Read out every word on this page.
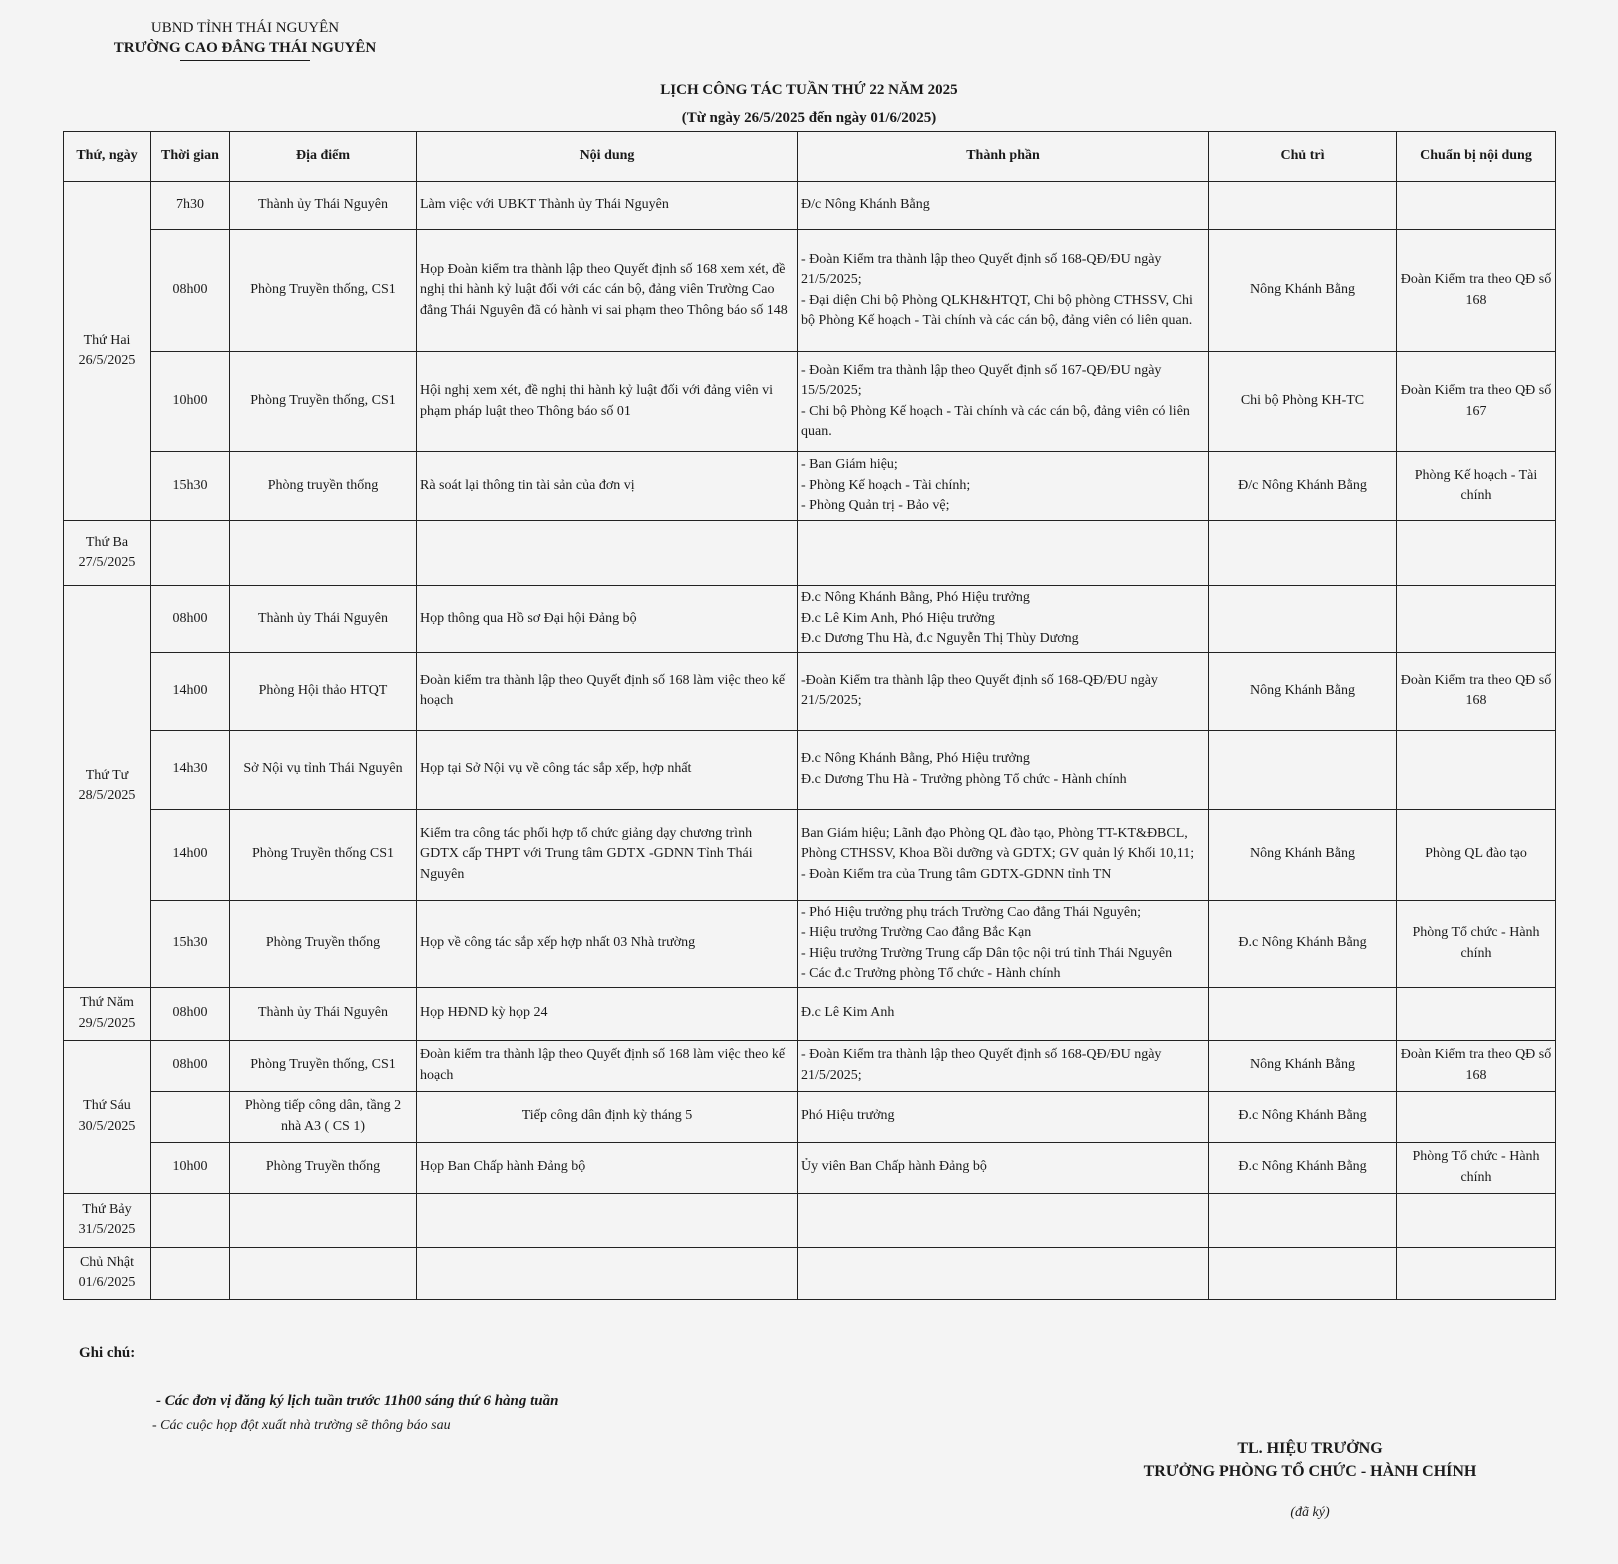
UBND TỈNH THÁI NGUYÊN
TRƯỜNG CAO ĐẲNG THÁI NGUYÊN
LỊCH CÔNG TÁC TUẦN THỨ 22 NĂM 2025
(Từ ngày 26/5/2025 đến ngày 01/6/2025)
Thứ, ngày	Thời gian	Địa điểm	Nội dung	Thành phần	Chủ trì	Chuẩn bị nội dung
Thứ Hai
26/5/2025	7h30	Thành ủy Thái Nguyên	Làm việc với UBKT Thành ủy Thái Nguyên	Đ/c Nông Khánh Bằng		
	08h00	Phòng Truyền thống, CS1	Họp Đoàn kiểm tra thành lập theo Quyết định số 168 xem xét, đề nghị thi hành kỷ luật đối với các cán bộ, đảng viên Trường Cao đẳng Thái Nguyên đã có hành vi sai phạm theo Thông báo số 148	- Đoàn Kiểm tra thành lập theo Quyết định số 168-QĐ/ĐU ngày 21/5/2025;
- Đại diện Chi bộ Phòng QLKH&HTQT, Chi bộ phòng CTHSSV, Chi bộ Phòng Kế hoạch - Tài chính và các cán bộ, đảng viên có liên quan.	Nông Khánh Bằng	Đoàn Kiểm tra theo QĐ số 168
	10h00	Phòng Truyền thống, CS1	Hội nghị xem xét, đề nghị thi hành kỷ luật đối với đảng viên vi phạm pháp luật theo Thông báo số 01	- Đoàn Kiểm tra thành lập theo Quyết định số 167-QĐ/ĐU ngày 15/5/2025;
- Chi bộ Phòng Kế hoạch - Tài chính và các cán bộ, đảng viên có liên quan.	Chi bộ Phòng KH-TC	Đoàn Kiểm tra theo QĐ số 167
	15h30	Phòng truyền thống	Rà soát lại thông tin tài sản của đơn vị	- Ban Giám hiệu;
- Phòng Kế hoạch - Tài chính;
- Phòng Quản trị - Bảo vệ;	Đ/c Nông Khánh Bằng	Phòng Kế hoạch - Tài chính
Thứ Ba
27/5/2025						
Thứ Tư
28/5/2025	08h00	Thành ủy Thái Nguyên	Họp thông qua Hồ sơ Đại hội Đảng bộ	Đ.c Nông Khánh Bằng, Phó Hiệu trưởng
Đ.c Lê Kim Anh, Phó Hiệu trưởng
Đ.c Dương Thu Hà, đ.c Nguyễn Thị Thùy Dương		
	14h00	Phòng Hội thảo HTQT	Đoàn kiểm tra thành lập theo Quyết định số 168 làm việc theo kế hoạch	-Đoàn Kiểm tra thành lập theo Quyết định số 168-QĐ/ĐU ngày 21/5/2025;	Nông Khánh Bằng	Đoàn Kiểm tra theo QĐ số 168
	14h30	Sở Nội vụ tỉnh Thái Nguyên	Họp tại Sở Nội vụ về công tác sắp xếp, hợp nhất	Đ.c Nông Khánh Bằng, Phó Hiệu trưởng
Đ.c Dương Thu Hà - Trưởng phòng Tổ chức - Hành chính		
	14h00	Phòng Truyền thống CS1	Kiểm tra công tác phối hợp tổ chức giảng dạy chương trình GDTX cấp THPT với Trung tâm GDTX -GDNN Tỉnh Thái Nguyên	Ban Giám hiệu; Lãnh đạo Phòng QL đào tạo, Phòng TT-KT&ĐBCL, Phòng CTHSSV, Khoa Bồi dưỡng và GDTX; GV quản lý Khối 10,11;
- Đoàn Kiểm tra của Trung tâm GDTX-GDNN tỉnh TN	Nông Khánh Bằng	Phòng QL đào tạo
	15h30	Phòng Truyền thống	Họp về công tác sắp xếp hợp nhất 03 Nhà trường	- Phó Hiệu trưởng phụ trách Trường Cao đẳng Thái Nguyên;
- Hiệu trưởng Trường Cao đẳng Bắc Kạn
- Hiệu trưởng Trường Trung cấp Dân tộc nội trú tỉnh Thái Nguyên
- Các đ.c Trưởng phòng Tổ chức - Hành chính	Đ.c Nông Khánh Bằng	Phòng Tổ chức - Hành chính
Thứ Năm
29/5/2025	08h00	Thành ủy Thái Nguyên	Họp HĐND kỳ họp 24	Đ.c Lê Kim Anh		
Thứ Sáu
30/5/2025	08h00	Phòng Truyền thống, CS1	Đoàn kiểm tra thành lập theo Quyết định số 168 làm việc theo kế hoạch	- Đoàn Kiểm tra thành lập theo Quyết định số 168-QĐ/ĐU ngày 21/5/2025;	Nông Khánh Bằng	Đoàn Kiểm tra theo QĐ số 168
		Phòng tiếp công dân, tầng 2 nhà A3 ( CS 1)	Tiếp công dân định kỳ tháng 5	Phó Hiệu trưởng	Đ.c Nông Khánh Bằng	
	10h00	Phòng Truyền thống	Họp Ban Chấp hành Đảng bộ	Ủy viên Ban Chấp hành Đảng bộ	Đ.c Nông Khánh Bằng	Phòng Tổ chức - Hành chính
Thứ Bảy
31/5/2025						
Chủ Nhật
01/6/2025						
Ghi chú:
- Các đơn vị đăng ký lịch tuần trước 11h00 sáng thứ 6 hàng tuần
- Các cuộc họp đột xuất nhà trường sẽ thông báo sau
TL. HIỆU TRƯỞNG
TRƯỞNG PHÒNG TỔ CHỨC - HÀNH CHÍNH
(đã ký)
